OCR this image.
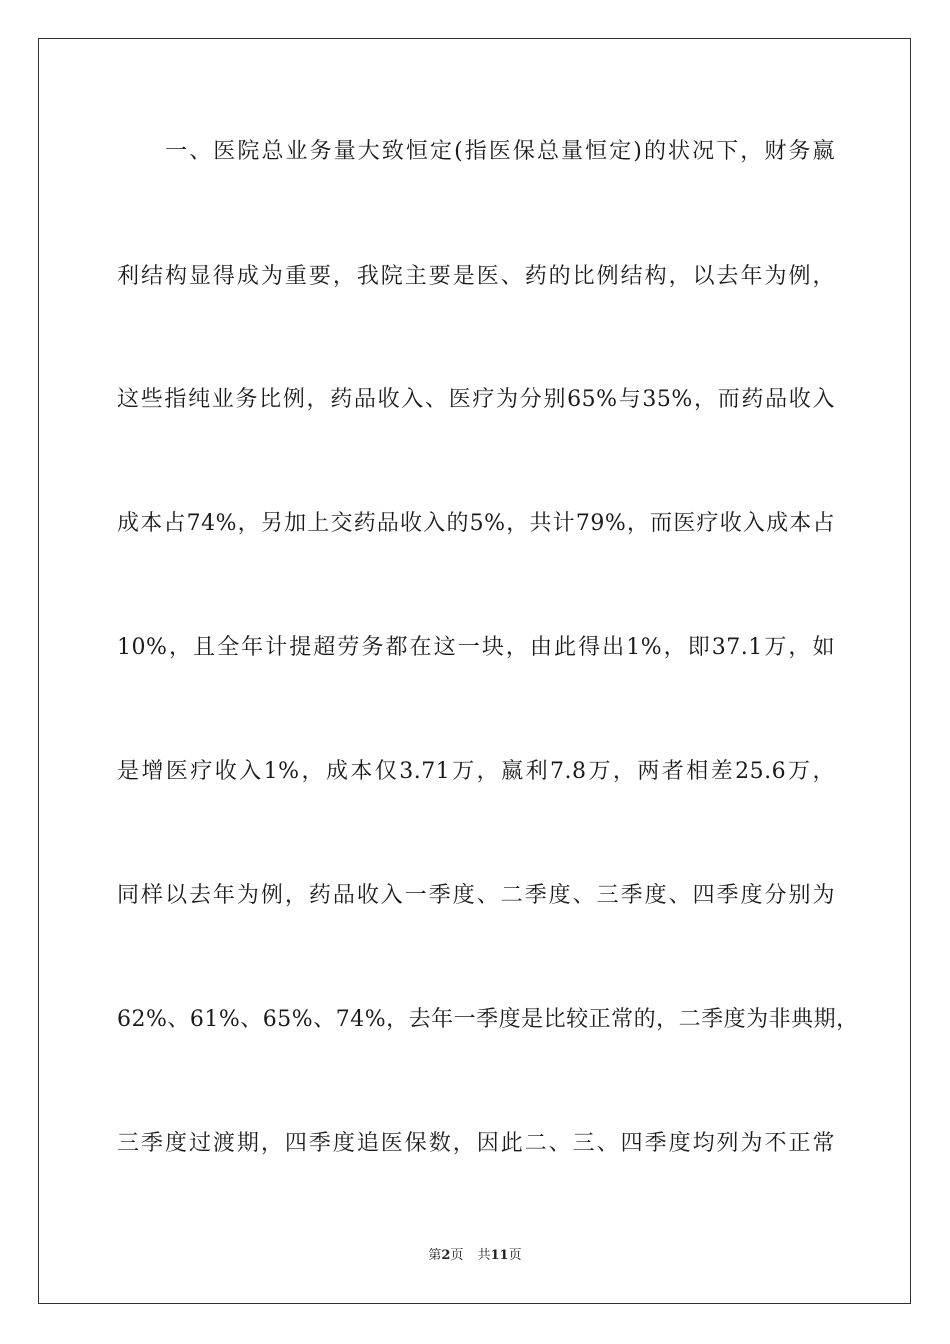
　　一、医院总业务量大致恒定(指医保总量恒定)的状况下，财务嬴
利结构显得成为重要，我院主要是医、药的比例结构，以去年为例，
这些指纯业务比例，药品收入、医疗为分别65%与35%，而药品收入
成本占74%，另加上交药品收入的5%，共计79%，而医疗收入成本占
10%，且全年计提超劳务都在这一块，由此得出1%，即37.1万，如
是增医疗收入1%，成本仅3.71万，嬴利7.8万，两者相差25.6万，
同样以去年为例，药品收入一季度、二季度、三季度、四季度分别为
62%、61%、65%、74%，去年一季度是比较正常的，二季度为非典期，
三季度过渡期，四季度追医保数，因此二、三、四季度均列为不正常
第2页 共11页
